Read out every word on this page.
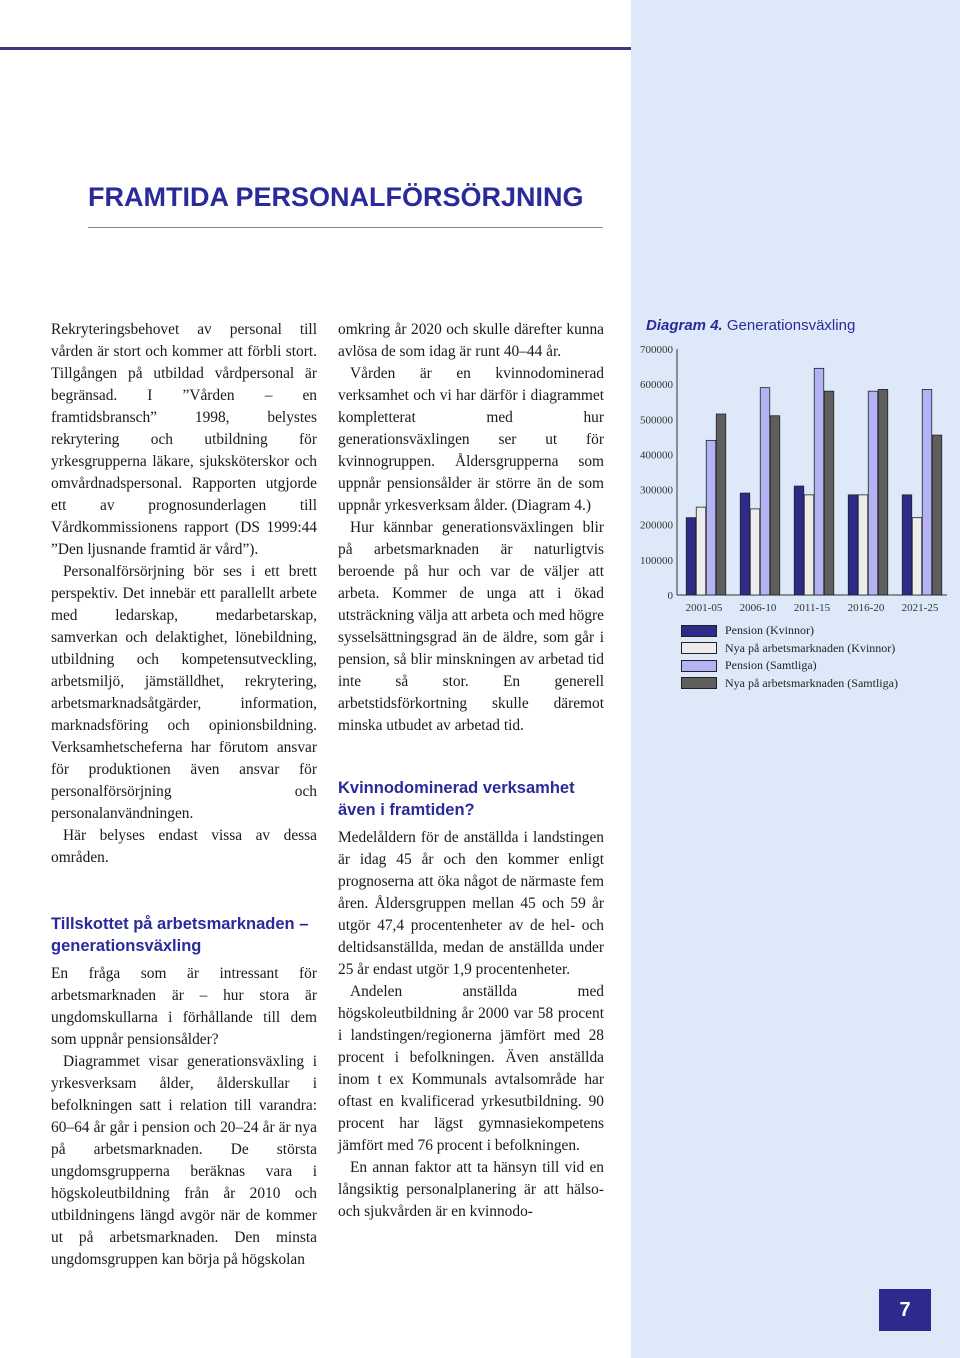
FRAMTIDA PERSONALFÖRSÖRJNING

Rekryteringsbehovet av personal till vården är stort och kommer att förbli stort. Tillgången på utbildad vårdpersonal är begränsad. I ”Vården – en framtidsbransch” 1998, belystes rekrytering och utbildning för yrkesgrupperna läkare, sjuksköterskor och omvårdnadspersonal. Rapporten utgjorde ett av prognosunderlagen till Vårdkommissionens rapport (DS 1999:44 ”Den ljusnande framtid är vård”).

Personalförsörjning bör ses i ett brett perspektiv. Det innebär ett parallellt arbete med ledarskap, medarbetarskap, samverkan och delaktighet, lönebildning, utbildning och kompetensutveckling, arbetsmiljö, jämställdhet, rekrytering, arbetsmarknadsåtgärder, information, marknadsföring och opinionsbildning. Verksamhetscheferna har förutom ansvar för produktionen även ansvar för personalförsörjning och personalanvändningen.

Här belyses endast vissa av dessa områden.

Tillskottet på arbetsmarknaden – generationsväxling

En fråga som är intressant för arbetsmarknaden är – hur stora är ungdomskullarna i förhållande till dem som uppnår pensionsålder?

Diagrammet visar generationsväxling i yrkesverksam ålder, ålderskullar i befolkningen satt i relation till varandra: 60–64 år går i pension och 20–24 år är nya på arbetsmarknaden. De största ungdomsgrupperna beräknas vara i högskoleutbildning från år 2010 och utbildningens längd avgör när de kommer ut på arbetsmarknaden. Den minsta ungdomsgruppen kan börja på högskolan

omkring år 2020 och skulle därefter kunna avlösa de som idag är runt 40–44 år.

Vården är en kvinnodominerad verksamhet och vi har därför i diagrammet kompletterat med hur generationsväxlingen ser ut för kvinnogruppen. Åldersgrupperna som uppnår pensionsålder är större än de som uppnår yrkesverksam ålder. (Diagram 4.)

Hur kännbar generationsväxlingen blir på arbetsmarknaden är naturligtvis beroende på hur och var de väljer att arbeta. Kommer de unga att i ökad utsträckning välja att arbeta och med högre sysselsättningsgrad än de äldre, som går i pension, så blir minskningen av arbetad tid inte så stor. En generell arbetstidsförkortning skulle däremot minska utbudet av arbetad tid.

Kvinnodominerad verksamhet även i framtiden?

Medelåldern för de anställda i landstingen är idag 45 år och den kommer enligt prognoserna att öka något de närmaste fem åren. Åldersgruppen mellan 45 och 59 år utgör 47,4 procentenheter av de hel- och deltidsanställda, medan de anställda under 25 år endast utgör 1,9 procentenheter.

Andelen anställda med högskoleutbildning år 2000 var 58 procent i landstingen/regionerna jämfört med 28 procent i befolkningen. Även anställda inom t ex Kommunals avtalsområde har oftast en kvalificerad yrkesutbildning. 90 procent har lägst gymnasiekompetens jämfört med 76 procent i befolkningen.

En annan faktor att ta hänsyn till vid en långsiktig personalplanering är att hälso- och sjukvården är en kvinnodo-

Diagram 4. Generationsväxling

700000
600000
500000
400000
300000
200000
100000
0
2001-05 2006-10 2011-15 2016-20 2021-25
Pension (Kvinnor)
Nya på arbetsmarknaden (Kvinnor)
Pension (Samtliga)
Nya på arbetsmarknaden (Samtliga)
7
